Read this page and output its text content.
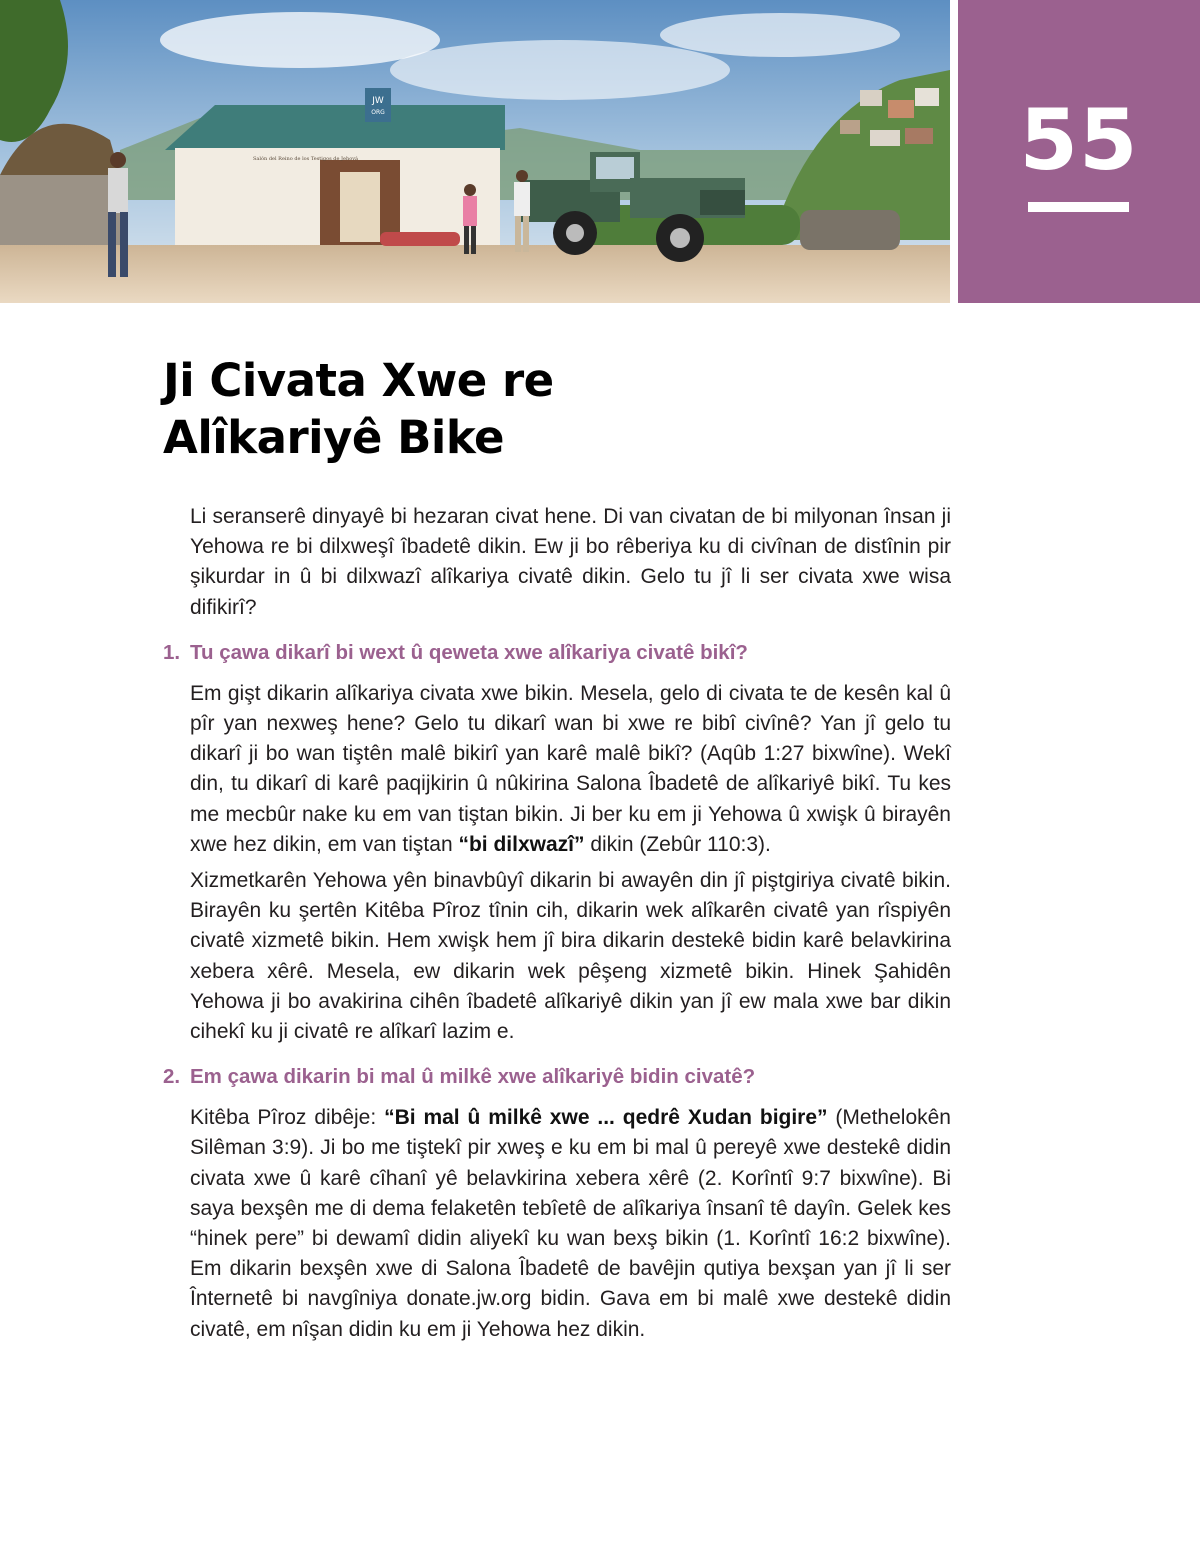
JW
ORG
Salón del Reino de los Testigos de Jehová	55
Ji Civata Xwe re
Alîkariyê Bike

Li seranserê dinyayê bi hezaran civat hene. Di van civatan de bi milyonan însan ji Yehowa re bi dilxweşî îbadetê dikin. Ew ji bo rêberiya ku di civînan de distînin pir şikurdar in û bi dilxwazî alîkariya civatê dikin. Gelo tu jî li ser civata xwe wisa difikirî?

1. Tu çawa dikarî bi wext û qeweta xwe alîkariya civatê bikî?

Em gişt dikarin alîkariya civata xwe bikin. Mesela, gelo di civata te de kesên kal û pîr yan nexweş hene? Gelo tu dikarî wan bi xwe re bibî civînê? Yan jî gelo tu dikarî ji bo wan tiştên malê bikirî yan karê malê bikî? (Aqûb 1:27 bixwîne). Wekî din, tu dikarî di karê paqijkirin û nûkirina Salona Îbadetê de alîkariyê bikî. Tu kes me mecbûr nake ku em van tiştan bikin. Ji ber ku em ji Yehowa û xwişk û birayên xwe hez dikin, em van tiştan “bi dilxwazî” dikin (Zebûr 110:3).

Xizmetkarên Yehowa yên binavbûyî dikarin bi awayên din jî piştgiriya civatê bikin. Birayên ku şertên Kitêba Pîroz tînin cih, dikarin wek alîkarên civatê yan rîspiyên civatê xizmetê bikin. Hem xwişk hem jî bira dikarin destekê bidin karê belavkirina xebera xêrê. Mesela, ew dikarin wek pêşeng xizmetê bikin. Hinek Şahidên Yehowa ji bo avakirina cihên îbadetê alîkariyê dikin yan jî ew mala xwe bar dikin cihekî ku ji civatê re alîkarî lazim e.

2. Em çawa dikarin bi mal û milkê xwe alîkariyê bidin civatê?

Kitêba Pîroz dibêje: “Bi mal û milkê xwe ... qedrê Xudan bigire” (Methelokên Silêman 3:9). Ji bo me tiştekî pir xweş e ku em bi mal û pereyê xwe destekê didin civata xwe û karê cîhanî yê belavkirina xebera xêrê (2. Korîntî 9:7 bixwîne). Bi saya bexşên me di dema felaketên tebîetê de alîkariya însanî tê dayîn. Gelek kes “hinek pere” bi dewamî didin aliyekî ku wan bexş bikin (1. Korîntî 16:2 bixwîne). Em dikarin bexşên xwe di Salona Îbadetê de bavêjin qutiya bexşan yan jî li ser Înternetê bi navgîniya donate.jw.org bidin. Gava em bi malê xwe destekê didin civatê, em nîşan didin ku em ji Yehowa hez dikin.
